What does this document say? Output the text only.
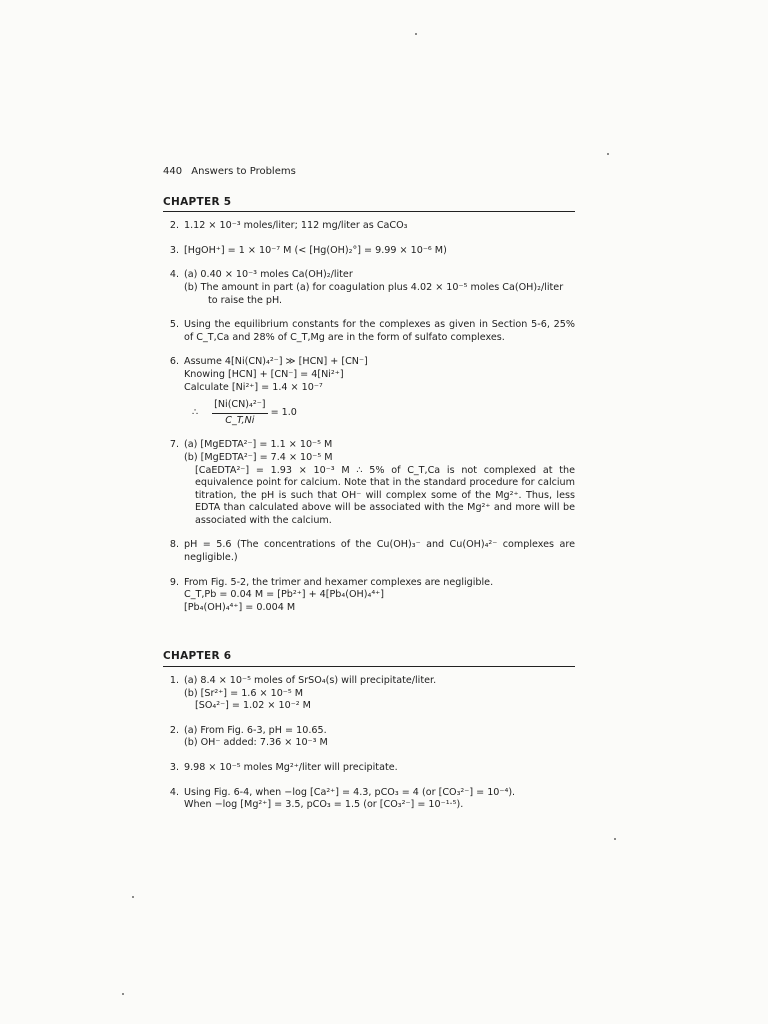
440 Answers to Problems
CHAPTER 5
2. 1.12 × 10⁻³ moles/liter; 112 mg/liter as CaCO₃
3. [HgOH⁺] = 1 × 10⁻⁷ M (< [Hg(OH)₂°] = 9.99 × 10⁻⁶ M)
4. (a) 0.40 × 10⁻³ moles Ca(OH)₂/liter
(b) The amount in part (a) for coagulation plus 4.02 × 10⁻⁵ moles Ca(OH)₂/liter
to raise the pH.
5. Using the equilibrium constants for the complexes as given in Section 5-6, 25% of C_T,Ca and 28% of C_T,Mg are in the form of sulfato complexes.
6. Assume 4[Ni(CN)₄²⁻] ≫ [HCN] + [CN⁻]
Knowing [HCN] + [CN⁻] = 4[Ni²⁺]
Calculate [Ni²⁺] = 1.4 × 10⁻⁷
∴ $\frac{\text{[Ni(CN)₄²⁻]}}{C\_T,Ni} = 1.0$
7. (a) [MgEDTA²⁻] = 1.1 × 10⁻⁵ M
(b) [MgEDTA²⁻] = 7.4 × 10⁻⁵ M
[CaEDTA²⁻] = 1.93 × 10⁻³ M ∴ 5% of C_T,Ca is not complexed at the equivalence point for calcium. Note that in the standard procedure for calcium titration, the pH is such that OH⁻ will complex some of the Mg²⁺. Thus, less EDTA than calculated above will be associated with the Mg²⁺ and more will be associated with the calcium.
8. pH = 5.6 (The concentrations of the Cu(OH)₃⁻ and Cu(OH)₄²⁻ complexes are negligible.)
9. From Fig. 5-2, the trimer and hexamer complexes are negligible.
C_T,Pb = 0.04 M = [Pb²⁺] + 4[Pb₄(OH)₄⁴⁺]
[Pb₄(OH)₄⁴⁺] = 0.004 M
CHAPTER 6
1. (a) 8.4 × 10⁻⁵ moles of SrSO₄(s) will precipitate/liter.
(b) [Sr²⁺] = 1.6 × 10⁻⁵ M
[SO₄²⁻] = 1.02 × 10⁻² M
2. (a) From Fig. 6-3, pH = 10.65.
(b) OH⁻ added: 7.36 × 10⁻³ M
3. 9.98 × 10⁻⁵ moles Mg²⁺/liter will precipitate.
4. Using Fig. 6-4, when −log [Ca²⁺] = 4.3, pCO₃ = 4 (or [CO₃²⁻] = 10⁻⁴).
When −log [Mg²⁺] = 3.5, pCO₃ = 1.5 (or [CO₃²⁻] = 10⁻¹·⁵).
